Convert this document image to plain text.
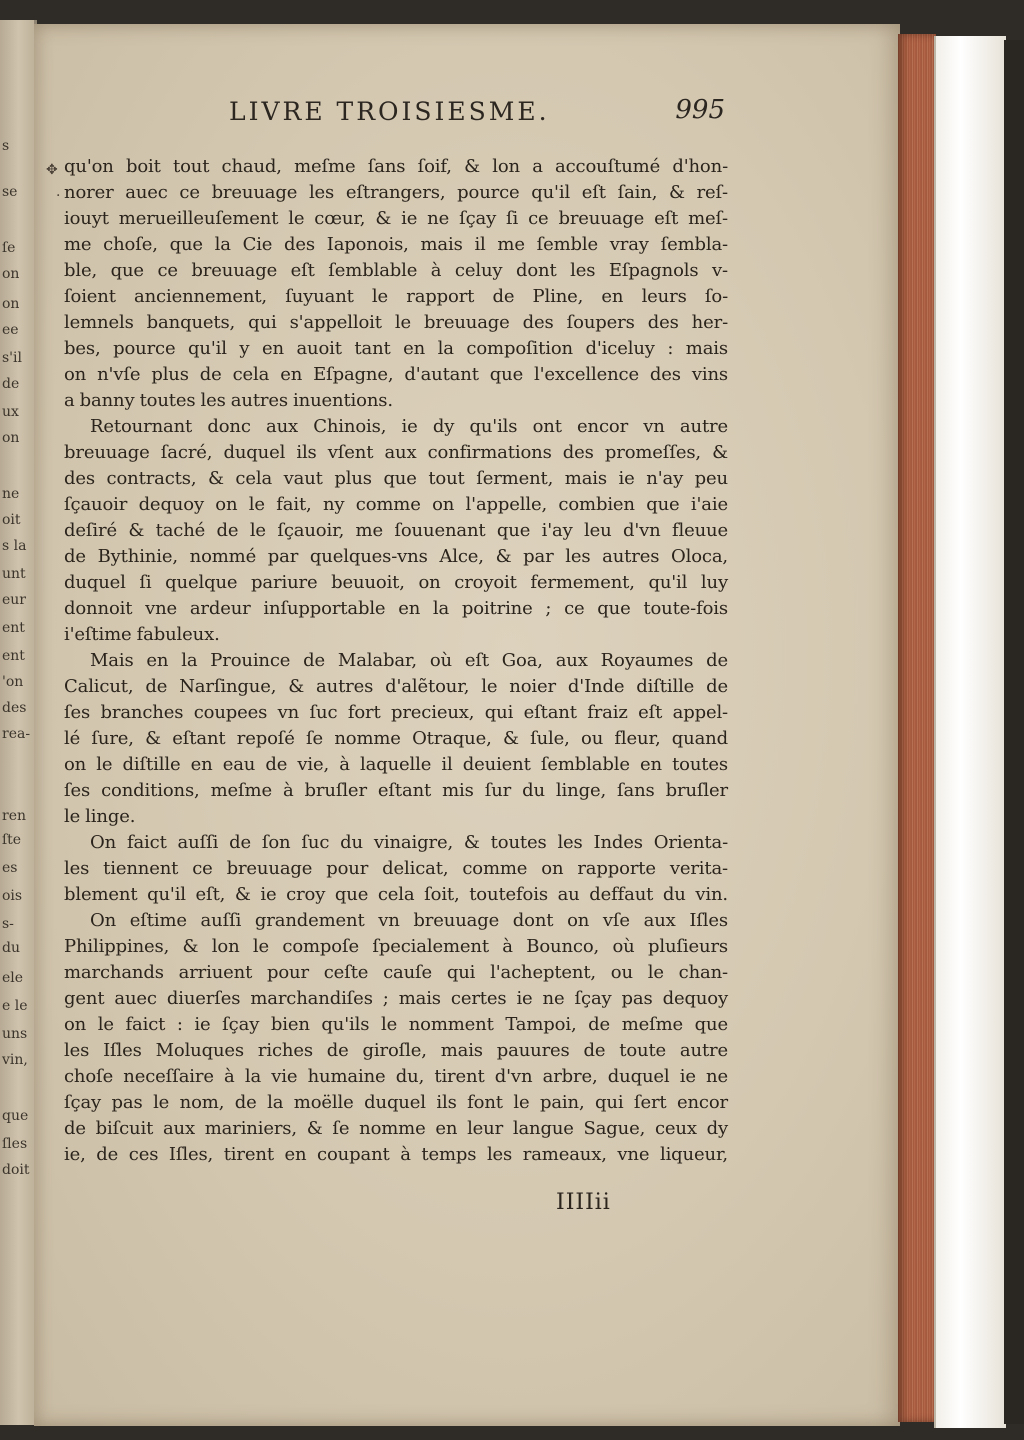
s
se
ſe
on
on
ee
s'il
de
ux
on
ne
oit
s la
unt
eur
ent
ent
'on
des
rea-
ren
ſte
es
ois
s-
du
ele
e le
uns
vin,
que
ſles
doit
LIVRE TROISIESME.	995
✥
·
qu'on boit tout chaud, meſme ſans ſoif, & lon a accouſtumé d'hon-
norer auec ce breuuage les eſtrangers, pource qu'il eſt ſain, & reſ-
iouyt merueilleuſement le cœur, & ie ne ſçay ſi ce breuuage eſt meſ-
me choſe, que la Cie des Iaponois, mais il me ſemble vray ſembla-
ble, que ce breuuage eſt ſemblable à celuy dont les Eſpagnols v-
ſoient anciennement, ſuyuant le rapport de Pline, en leurs ſo-
lemnels banquets, qui s'appelloit le breuuage des ſoupers des her-
bes, pource qu'il y en auoit tant en la compoſition d'iceluy : mais
on n'vſe plus de cela en Eſpagne, d'autant que l'excellence des vins
a banny toutes les autres inuentions.
Retournant donc aux Chinois, ie dy qu'ils ont encor vn autre
breuuage ſacré, duquel ils vſent aux confirmations des promeſſes, &
des contracts, & cela vaut plus que tout ſerment, mais ie n'ay peu
ſçauoir dequoy on le fait, ny comme on l'appelle, combien que i'aie
deſiré & taché de le ſçauoir, me ſouuenant que i'ay leu d'vn fleuue
de Bythinie, nommé par quelques-vns Alce, & par les autres Oloca,
duquel ſi quelque pariure beuuoit, on croyoit fermement, qu'il luy
donnoit vne ardeur inſupportable en la poitrine ; ce que toute-fois
i'eſtime fabuleux.
Mais en la Prouince de Malabar, où eſt Goa, aux Royaumes de
Calicut, de Narſingue, & autres d'alẽtour, le noier d'Inde diſtille de
ſes branches coupees vn ſuc fort precieux, qui eſtant fraiz eſt appel-
lé ſure, & eſtant repoſé ſe nomme Otraque, & ſule, ou fleur, quand
on le diſtille en eau de vie, à laquelle il deuient ſemblable en toutes
ſes conditions, meſme à bruſler eſtant mis ſur du linge, ſans bruſler
le linge.
On faict auſſi de ſon ſuc du vinaigre, & toutes les Indes Orienta-
les tiennent ce breuuage pour delicat, comme on rapporte verita-
blement qu'il eſt, & ie croy que cela ſoit, toutefois au deffaut du vin.
On eſtime auſſi grandement vn breuuage dont on vſe aux Iſles
Philippines, & lon le compoſe ſpecialement à Bounco, où pluſieurs
marchands arriuent pour ceſte cauſe qui l'acheptent, ou le chan-
gent auec diuerſes marchandiſes ; mais certes ie ne ſçay pas dequoy
on le faict : ie ſçay bien qu'ils le nomment Tampoi, de meſme que
les Iſles Moluques riches de giroſle, mais pauures de toute autre
choſe neceſſaire à la vie humaine du, tirent d'vn arbre, duquel ie ne
ſçay pas le nom, de la moëlle duquel ils font le pain, qui ſert encor
de biſcuit aux mariniers, & ſe nomme en leur langue Sague, ceux dy
ie, de ces Iſles, tirent en coupant à temps les rameaux, vne liqueur,
IIIIii
